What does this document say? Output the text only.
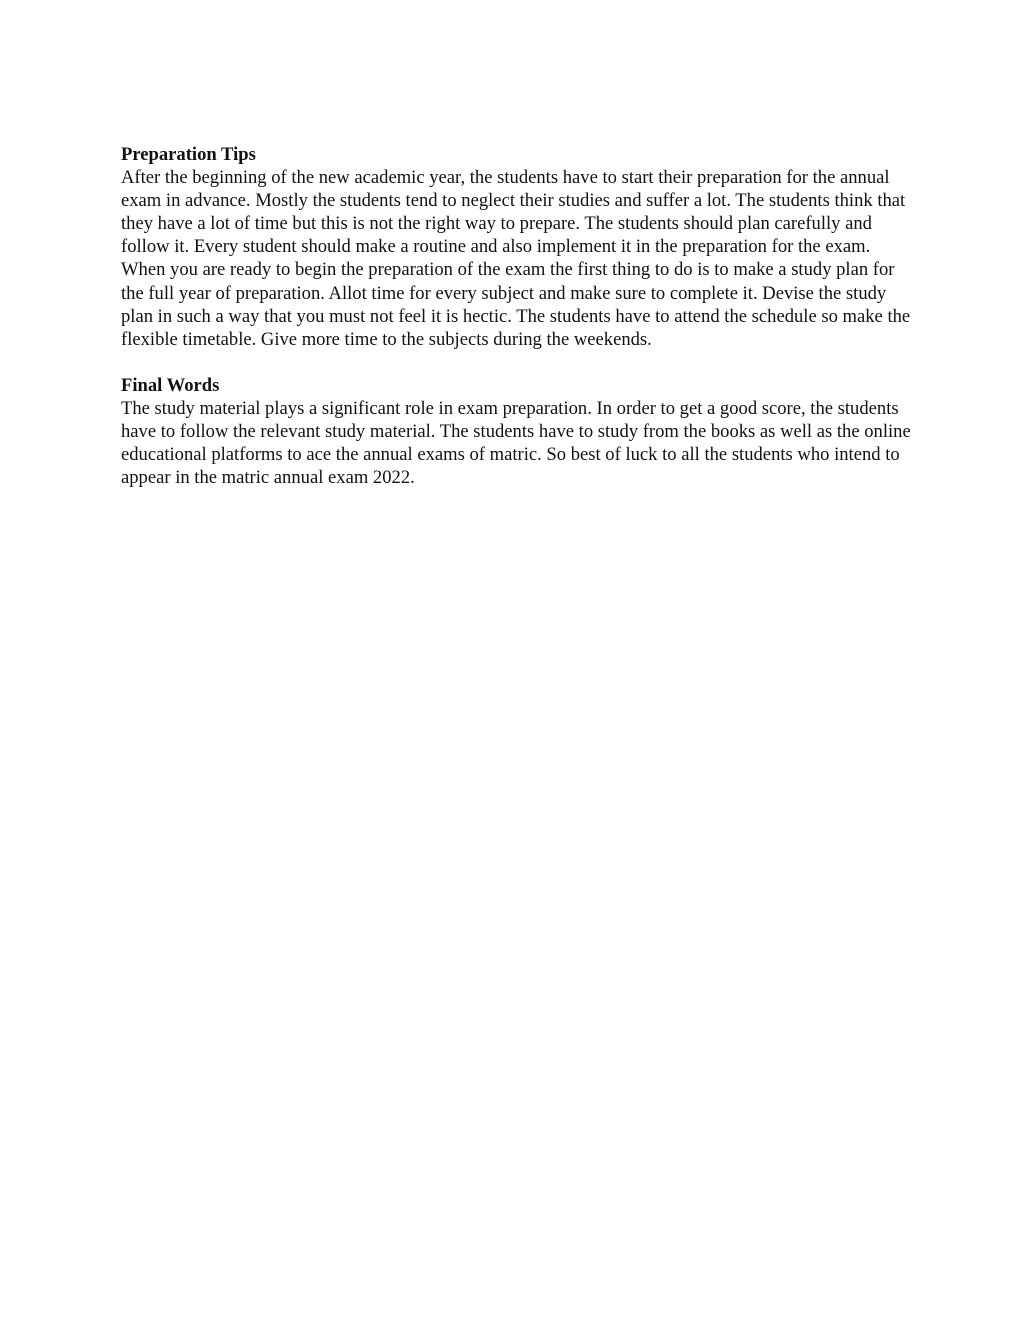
Preparation Tips

After the beginning of the new academic year, the students have to start their preparation for the annual exam in advance. Mostly the students tend to neglect their studies and suffer a lot. The students think that they have a lot of time but this is not the right way to prepare. The students should plan carefully and follow it. Every student should make a routine and also implement it in the preparation for the exam.

When you are ready to begin the preparation of the exam the first thing to do is to make a study plan for the full year of preparation. Allot time for every subject and make sure to complete it. Devise the study plan in such a way that you must not feel it is hectic. The students have to attend the schedule so make the flexible timetable. Give more time to the subjects during the weekends.

Final Words

The study material plays a significant role in exam preparation. In order to get a good score, the students have to follow the relevant study material. The students have to study from the books as well as the online educational platforms to ace the annual exams of matric. So best of luck to all the students who intend to appear in the matric annual exam 2022.
